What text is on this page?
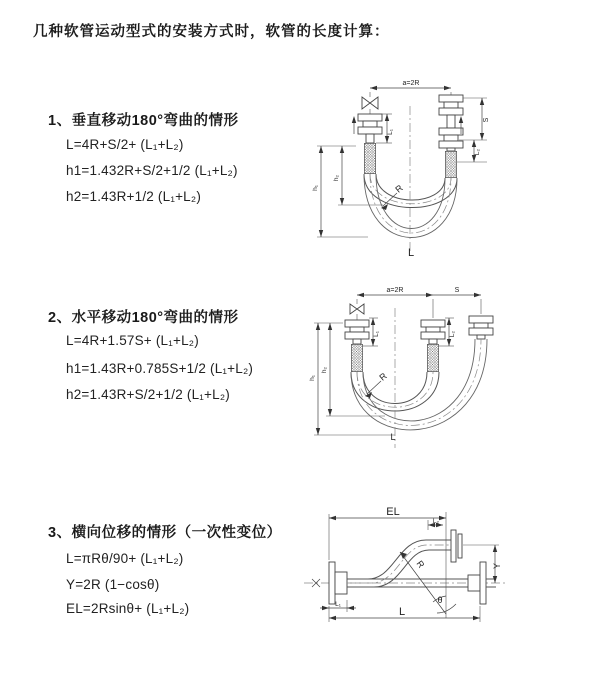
几种软管运动型式的安装方式时，软管的长度计算：
1、垂直移动180°弯曲的情形
L=4R+S/2+ (L₁+L₂)
h1=1.432R+S/2+1/2 (L₁+L₂)
h2=1.43R+1/2 (L₁+L₂)
2、水平移动180°弯曲的情形
L=4R+1.57S+ (L₁+L₂)
h1=1.43R+0.785S+1/2 (L₁+L₂)
h2=1.43R+S/2+1/2 (L₁+L₂)
3、横向位移的情形（一次性变位）
L=πRθ/90+ (L₁+L₂)
Y=2R (1−cosθ)
EL=2Rsinθ+ (L₁+L₂)
a=2R
L₁
S
L₂
h₁
h₂
R
L
a=2R	S
L₁	L₂
h₁
h₂
R
L
EL
L₂
Y
R
θ
L
L₁
